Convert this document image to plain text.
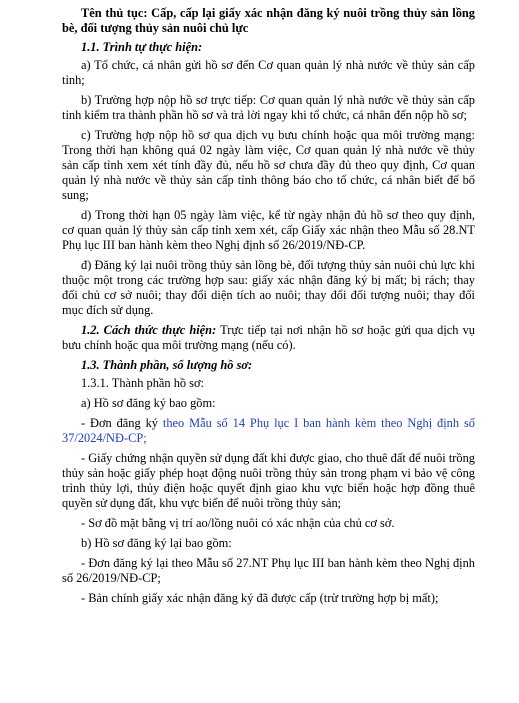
Tên thủ tục: Cấp, cấp lại giấy xác nhận đăng ký nuôi trồng thủy sản lồng bè, đối tượng thủy sản nuôi chủ lực

1.1. Trình tự thực hiện:

a) Tổ chức, cá nhân gửi hồ sơ đến Cơ quan quản lý nhà nước về thủy sản cấp tỉnh;

b) Trường hợp nộp hồ sơ trực tiếp: Cơ quan quản lý nhà nước về thủy sản cấp tỉnh kiểm tra thành phần hồ sơ và trả lời ngay khi tổ chức, cá nhân đến nộp hồ sơ;

c) Trường hợp nộp hồ sơ qua dịch vụ bưu chính hoặc qua môi trường mạng: Trong thời hạn không quá 02 ngày làm việc, Cơ quan quản lý nhà nước về thủy sản cấp tỉnh xem xét tính đầy đủ, nếu hồ sơ chưa đầy đủ theo quy định, Cơ quan quản lý nhà nước về thủy sản cấp tỉnh thông báo cho tổ chức, cá nhân biết để bổ sung;

d) Trong thời hạn 05 ngày làm việc, kể từ ngày nhận đủ hồ sơ theo quy định, cơ quan quản lý thủy sản cấp tỉnh xem xét, cấp Giấy xác nhận theo Mẫu số 28.NT Phụ lục III ban hành kèm theo Nghị định số 26/2019/NĐ-CP.

đ) Đăng ký lại nuôi trồng thủy sản lồng bè, đối tượng thủy sản nuôi chủ lực khi thuộc một trong các trường hợp sau: giấy xác nhận đăng ký bị mất; bị rách; thay đổi chủ cơ sở nuôi; thay đổi diện tích ao nuôi; thay đổi đối tượng nuôi; thay đổi mục đích sử dụng.

1.2. Cách thức thực hiện: Trực tiếp tại nơi nhận hồ sơ hoặc gửi qua dịch vụ bưu chính hoặc qua môi trường mạng (nếu có).

1.3. Thành phần, số lượng hồ sơ:

1.3.1. Thành phần hồ sơ:

a) Hồ sơ đăng ký bao gồm:

- Đơn đăng ký theo Mẫu số 14 Phụ lục I ban hành kèm theo Nghị định số 37/2024/NĐ-CP;

- Giấy chứng nhận quyền sử dụng đất khi được giao, cho thuê đất để nuôi trồng thủy sản hoặc giấy phép hoạt động nuôi trồng thủy sản trong phạm vi bảo vệ công trình thủy lợi, thủy điện hoặc quyết định giao khu vực biển hoặc hợp đồng thuê quyền sử dụng đất, khu vực biển để nuôi trồng thủy sản;

- Sơ đồ mặt bằng vị trí ao/lồng nuôi có xác nhận của chủ cơ sở.

b) Hồ sơ đăng ký lại bao gồm:

- Đơn đăng ký lại theo Mẫu số 27.NT Phụ lục III ban hành kèm theo Nghị định số 26/2019/NĐ-CP;

- Bản chính giấy xác nhận đăng ký đã được cấp (trừ trường hợp bị mất);
